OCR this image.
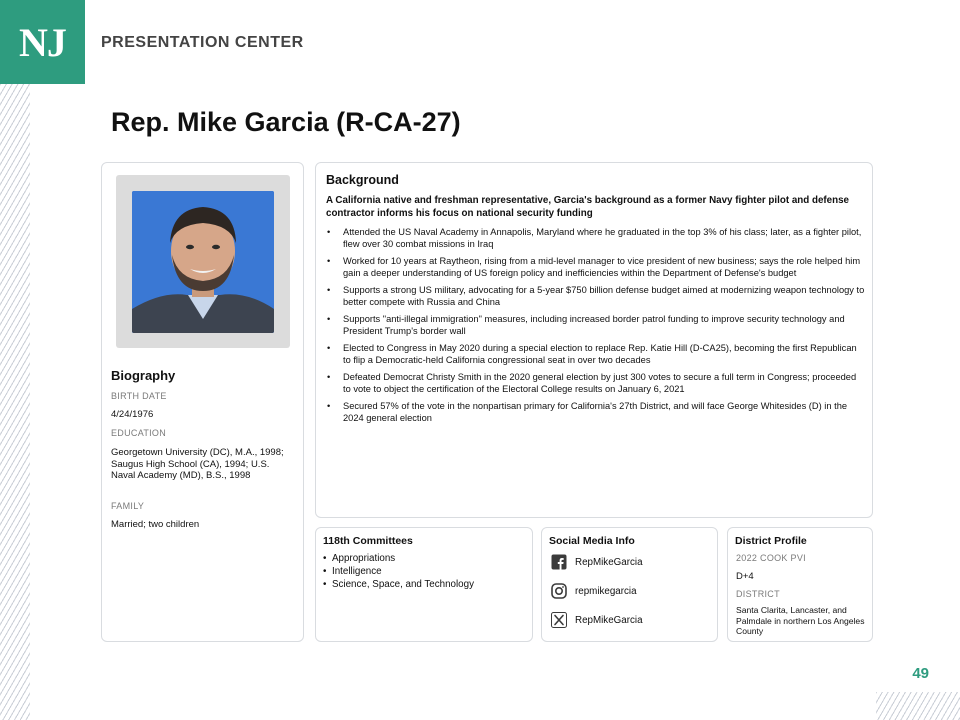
NJ PRESENTATION CENTER
Rep. Mike Garcia (R-CA-27)
Biography
BIRTH DATE
4/24/1976
EDUCATION
Georgetown University (DC), M.A., 1998; Saugus High School (CA), 1994; U.S. Naval Academy (MD), B.S., 1998
FAMILY
Married; two children
Background

A California native and freshman representative, Garcia's background as a former Navy fighter pilot and defense contractor informs his focus on national security funding

• Attended the US Naval Academy in Annapolis, Maryland where he graduated in the top 3% of his class; later, as a fighter pilot, flew over 30 combat missions in Iraq
• Worked for 10 years at Raytheon, rising from a mid-level manager to vice president of new business; says the role helped him gain a deeper understanding of US foreign policy and inefficiencies within the Department of Defense's budget
• Supports a strong US military, advocating for a 5-year $750 billion defense budget aimed at modernizing weapon technology to better compete with Russia and China
• Supports "anti-illegal immigration" measures, including increased border patrol funding to improve security technology and President Trump's border wall
• Elected to Congress in May 2020 during a special election to replace Rep. Katie Hill (D-CA25), becoming the first Republican to flip a Democratic-held California congressional seat in over two decades
• Defeated Democrat Christy Smith in the 2020 general election by just 300 votes to secure a full term in Congress; proceeded to vote to object the certification of the Electoral College results on January 6, 2021
• Secured 57% of the vote in the nonpartisan primary for California's 27th District, and will face George Whitesides (D) in the 2024 general election
118th Committees
• Appropriations
• Intelligence
• Science, Space, and Technology
Social Media Info
RepMikeGarcia
repmikegarcia
RepMikeGarcia
District Profile
2022 COOK PVI
D+4
DISTRICT
Santa Clarita, Lancaster, and Palmdale in northern Los Angeles County
49
